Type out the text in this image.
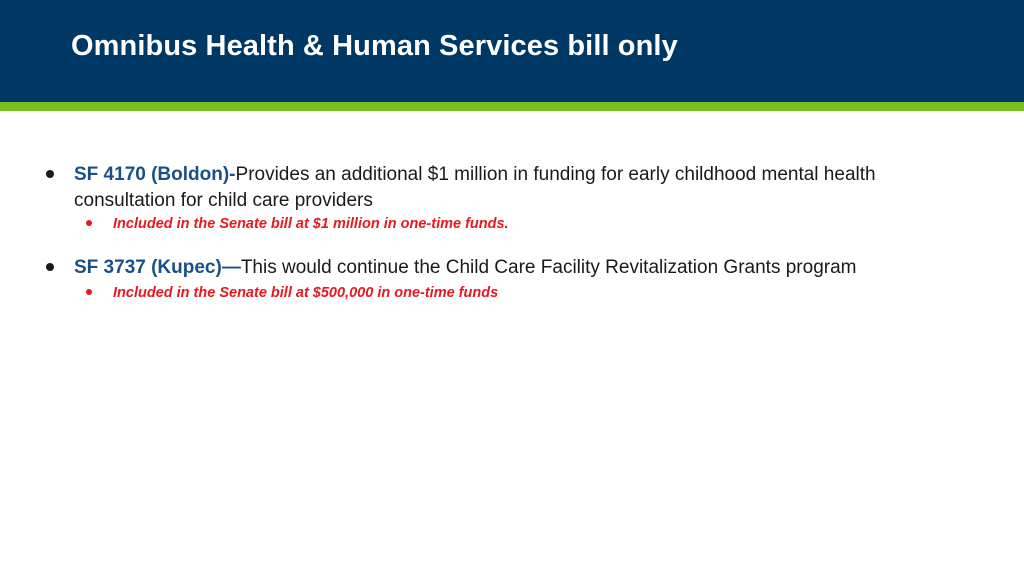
Omnibus Health & Human Services bill only
SF 4170 (Boldon)-Provides an additional $1 million in funding for early childhood mental health consultation for child care providers
Included in the Senate bill at $1 million in one-time funds.
SF 3737 (Kupec)—This would continue the Child Care Facility Revitalization Grants program
Included in the Senate bill at $500,000 in one-time funds
